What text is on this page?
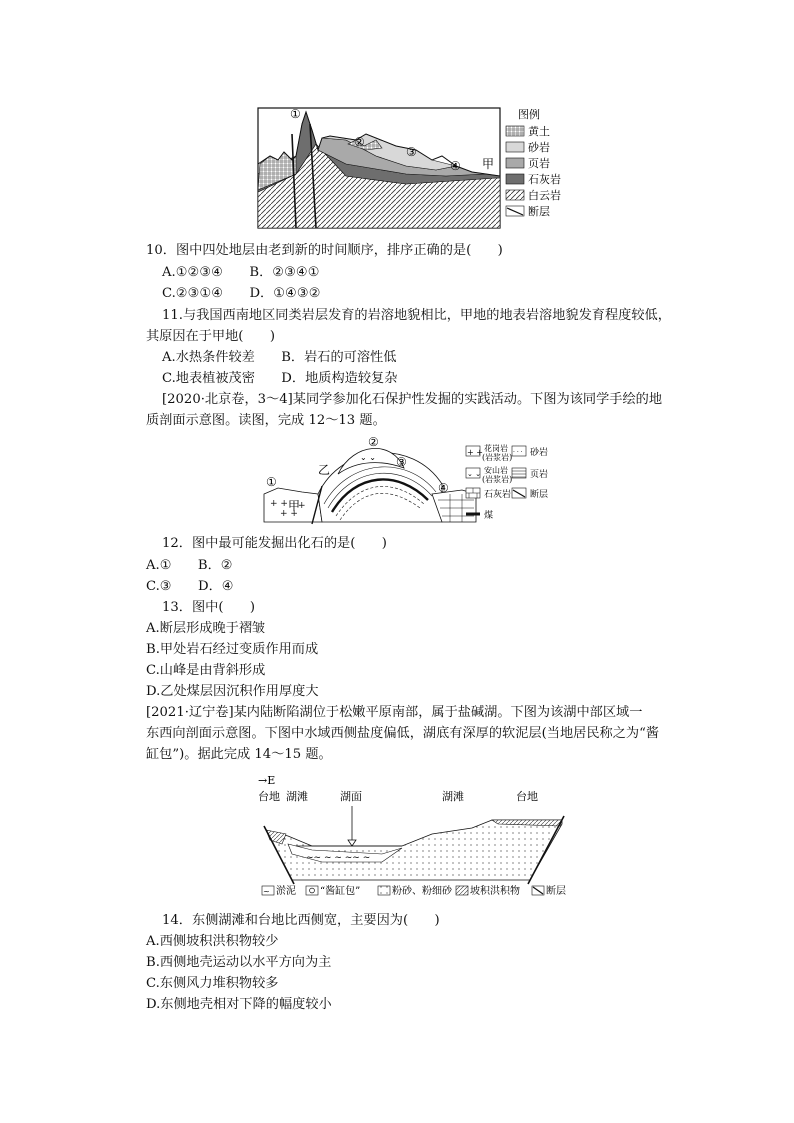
①
②
③
④ 甲
图例
黄土
砂岩
页岩
石灰岩
白云岩
断层
10．图中四处地层由老到新的时间顺序，排序正确的是(　　)
A.①②③④　　B．②③④①
C.②③①④　　D．①④③②
11.与我国西南地区同类岩层发育的岩溶地貌相比，甲地的地表岩溶地貌发育程度较低，
其原因在于甲地(　　)
A.水热条件较差　　B．岩石的可溶性低
C.地表植被茂密　　D．地质构造较复杂
[2020·北京卷，3～4]某同学参加化石保护性发掘的实践活动。下图为该同学手绘的地
质剖面示意图。读图，完成 12～13 题。
+ +
+ +
+
⌄ ⌄
①
②
③
④
乙
甲
+ + 花岗岩
(岩浆岩)
· · · 砂岩
⌄ ⌄ 安山岩
(岩浆岩) 页岩
石灰岩 断层
煤
12．图中最可能发掘出化石的是(　　)
A.①　　B．②
C.③　　D．④
13．图中(　　)
A.断层形成晚于褶皱
B.甲处岩石经过变质作用而成
C.山峰是由背斜形成
D.乙处煤层因沉积作用厚度大
[2021·辽宁卷]某内陆断陷湖位于松嫩平原南部，属于盐碱湖。下图为该湖中部区域一
东西向剖面示意图。下图中水域西侧盐度偏低，湖底有深厚的软泥层(当地居民称之为“酱
缸包”)。据此完成 14～15 题。
→E
台地 湖滩	湖面	湖滩	台地
~~ ~ ~ ~~ ~
~ 淤泥 “酱缸包”	粉砂、粉细砂 坡积洪积物	断层
14．东侧湖滩和台地比西侧宽，主要因为(　　)
A.西侧坡积洪积物较少
B.西侧地壳运动以水平方向为主
C.东侧风力堆积物较多
D.东侧地壳相对下降的幅度较小
